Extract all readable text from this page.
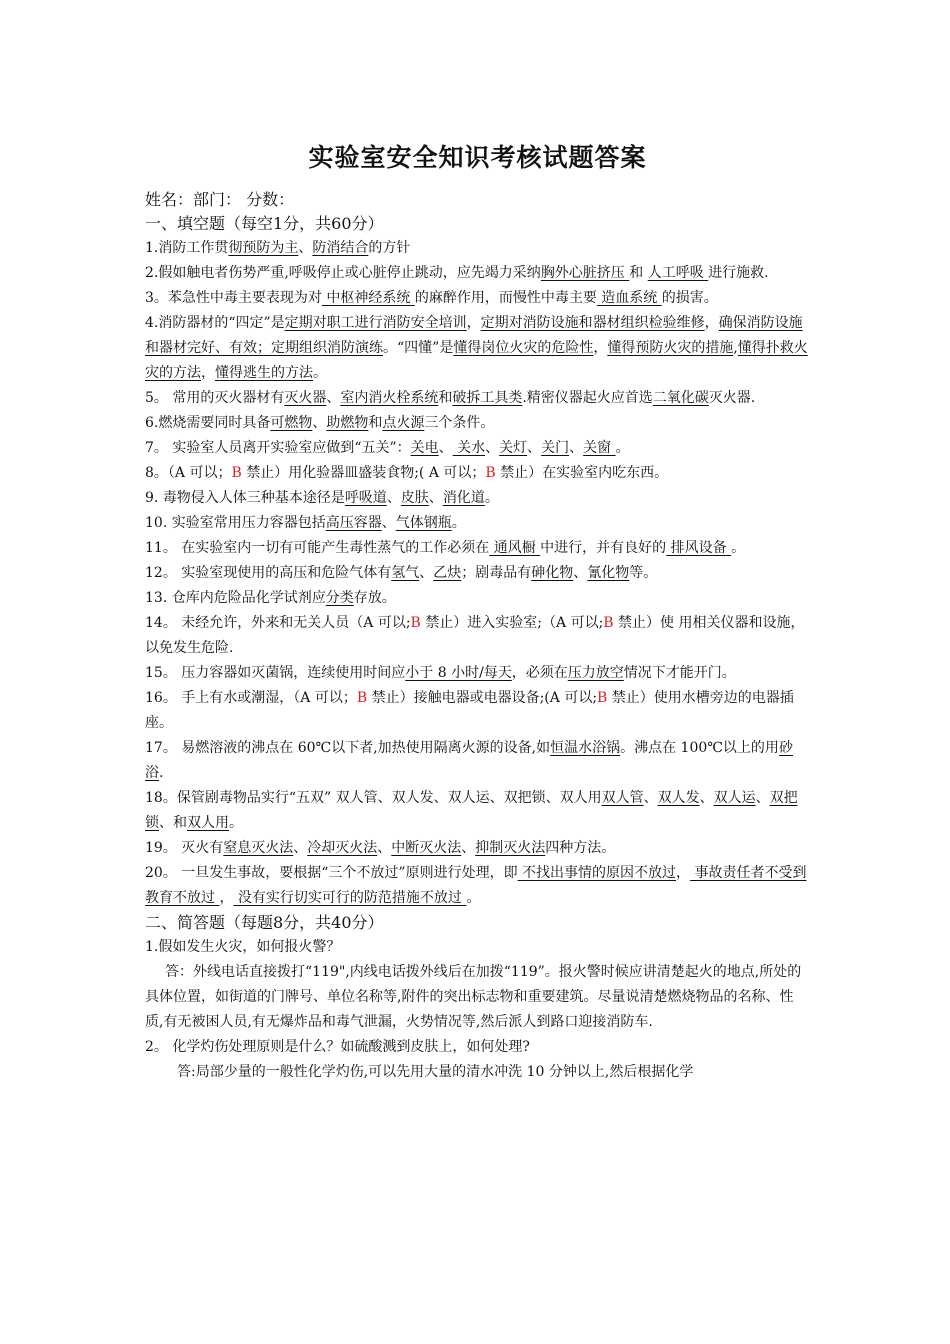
实验室安全知识考核试题答案
姓名：部门： 分数：
一、填空题（每空1分，共60分）

1.消防工作贯彻预防为主、防消结合的方针

2.假如触电者伤势严重,呼吸停止或心脏停止跳动，应先竭力采纳胸外心脏挤压 和 人工呼吸 进行施救.

3。苯急性中毒主要表现为对 中枢神经系统 的麻醉作用，而慢性中毒主要 造血系统 的损害。

4.消防器材的“四定”是定期对职工进行消防安全培训，定期对消防设施和器材组织检验维修，确保消防设施和器材完好、有效；定期组织消防演练。“四懂”是懂得岗位火灾的危险性，懂得预防火灾的措施,懂得扑救火灾的方法，懂得逃生的方法。

5。 常用的灭火器材有灭火器、室内消火栓系统和破拆工具类.精密仪器起火应首选二氧化碳灭火器.

6.燃烧需要同时具备可燃物、助燃物和点火源三个条件。

7。 实验室人员离开实验室应做到“五关”：关电、 关水、关灯、关门、关窗 。

8。（A 可以；B 禁止）用化验器皿盛装食物;( A 可以；B 禁止）在实验室内吃东西。

9. 毒物侵入人体三种基本途径是呼吸道、皮肤、消化道。

10. 实验室常用压力容器包括高压容器、气体钢瓶。

11。 在实验室内一切有可能产生毒性蒸气的工作必须在 通风橱 中进行，并有良好的 排风设备 。

12。 实验室现使用的高压和危险气体有氢气、乙炔；剧毒品有砷化物、氰化物等。

13. 仓库内危险品化学试剂应分类存放。

14。 未经允许，外来和无关人员（A 可以;B 禁止）进入实验室;（A 可以;B 禁止）使 用相关仪器和设施，以免发生危险.

15。 压力容器如灭菌锅，连续使用时间应小于 8 小时/每天，必须在压力放空情况下才能开门。

16。 手上有水或潮湿，（A 可以；B 禁止）接触电器或电器设备;(A 可以;B 禁止）使用水槽旁边的电器插座。

17。 易燃溶液的沸点在 60℃以下者,加热使用隔离火源的设备,如恒温水浴锅。沸点在 100℃以上的用砂浴.

18。保管剧毒物品实行“五双” 双人管、双人发、双人运、双把锁、双人用双人管、双人发、双人运、双把锁、和双人用。

19。 灭火有窒息灭火法、冷却灭火法、中断灭火法、抑制灭火法四种方法。

20。 一旦发生事故，要根据“三个不放过”原则进行处理，即 不找出事情的原因不放过， 事故责任者不受到教育不放过 ， 没有实行切实可行的防范措施不放过 。

二、简答题（每题8分，共40分）

1.假如发生火灾，如何报火警？

答：外线电话直接拨打“119",内线电话拨外线后在加拨“119”。报火警时候应讲清楚起火的地点,所处的具体位置，如街道的门牌号、单位名称等,附件的突出标志物和重要建筑。尽量说清楚燃烧物品的名称、性质,有无被困人员,有无爆炸品和毒气泄漏，火势情况等,然后派人到路口迎接消防车.

2。 化学灼伤处理原则是什么？如硫酸溅到皮肤上，如何处理?

答:局部少量的一般性化学灼伤,可以先用大量的清水冲洗 10 分钟以上,然后根据化学
